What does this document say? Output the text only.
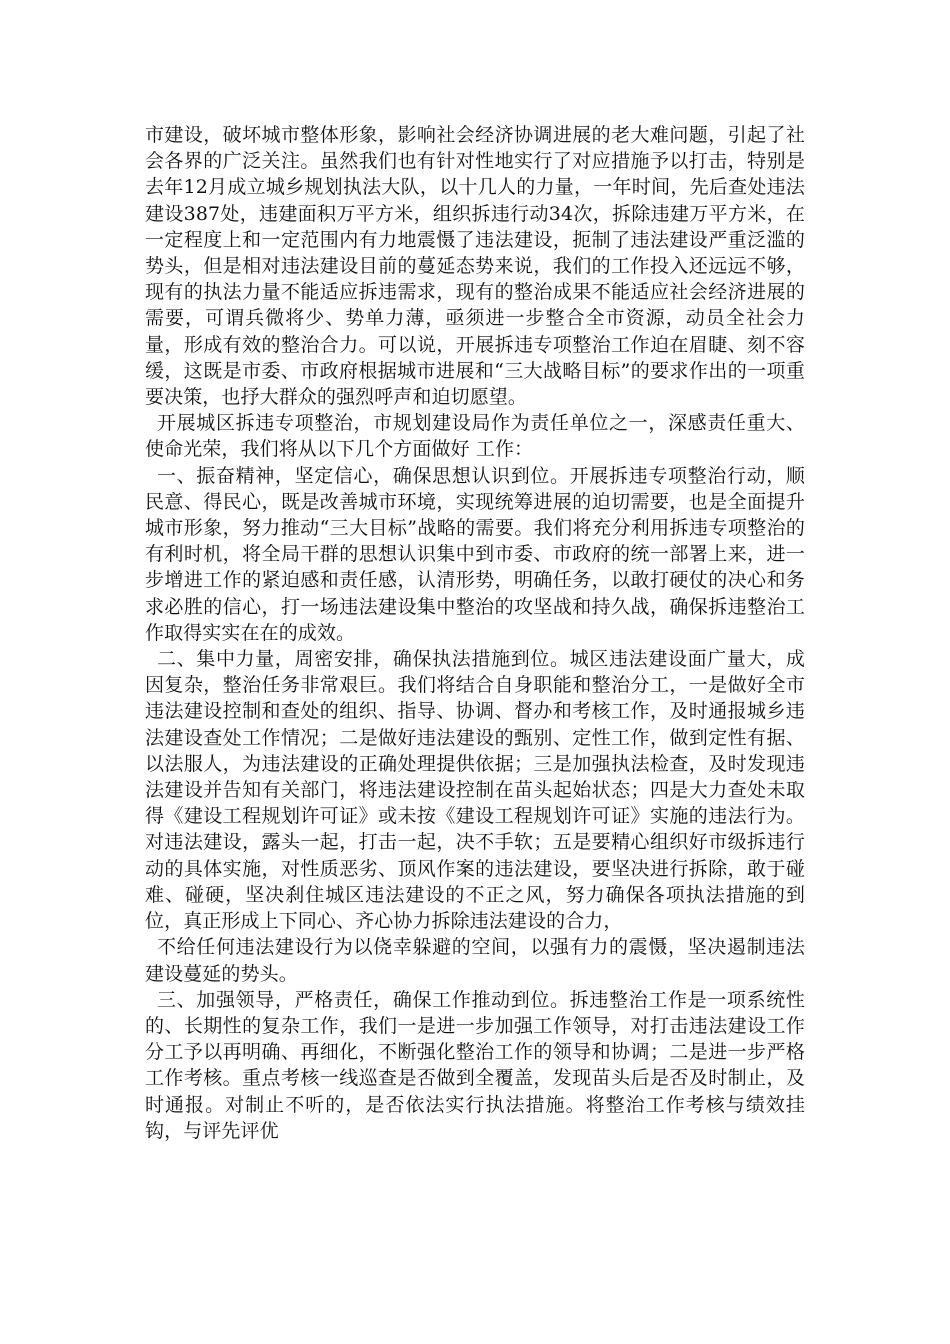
市建设，破坏城市整体形象，影响社会经济协调进展的老大难问题，引起了社会各界的广泛关注。虽然我们也有针对性地实行了对应措施予以打击，特别是去年12月成立城乡规划执法大队，以十几人的力量，一年时间，先后查处违法建设387处，违建面积万平方米，组织拆违行动34次，拆除违建万平方米，在一定程度上和一定范围内有力地震慑了违法建设，扼制了违法建设严重泛滥的势头，但是相对违法建设目前的蔓延态势来说，我们的工作投入还远远不够，现有的执法力量不能适应拆违需求，现有的整治成果不能适应社会经济进展的需要，可谓兵微将少、势单力薄，亟须进一步整合全市资源，动员全社会力量，形成有效的整治合力。可以说，开展拆违专项整治工作迫在眉睫、刻不容缓，这既是市委、市政府根据城市进展和“三大战略目标”的要求作出的一项重要决策，也抒大群众的强烈呼声和迫切愿望。

开展城区拆违专项整治，市规划建设局作为责任单位之一，深感责任重大、使命光荣，我们将从以下几个方面做好 工作：

一、振奋精神，坚定信心，确保思想认识到位。开展拆违专项整治行动，顺民意、得民心，既是改善城市环境，实现统筹进展的迫切需要，也是全面提升城市形象，努力推动“三大目标”战略的需要。我们将充分利用拆违专项整治的有利时机，将全局干群的思想认识集中到市委、市政府的统一部署上来，进一步增进工作的紧迫感和责任感，认清形势，明确任务，以敢打硬仗的决心和务求必胜的信心，打一场违法建设集中整治的攻坚战和持久战，确保拆违整治工作取得实实在在的成效。

二、集中力量，周密安排，确保执法措施到位。城区违法建设面广量大，成因复杂，整治任务非常艰巨。我们将结合自身职能和整治分工，一是做好全市违法建设控制和查处的组织、指导、协调、督办和考核工作，及时通报城乡违法建设查处工作情况；二是做好违法建设的甄别、定性工作，做到定性有据、以法服人，为违法建设的正确处理提供依据；三是加强执法检查，及时发现违法建设并告知有关部门，将违法建设控制在苗头起始状态；四是大力查处未取得《建设工程规划许可证》或未按《建设工程规划许可证》实施的违法行为。对违法建设，露头一起，打击一起，决不手软；五是要精心组织好市级拆违行动的具体实施，对性质恶劣、顶风作案的违法建设，要坚决进行拆除，敢于碰难、碰硬，坚决刹住城区违法建设的不正之风，努力确保各项执法措施的到位，真正形成上下同心、齐心协力拆除违法建设的合力，

不给任何违法建设行为以侥幸躲避的空间，以强有力的震慑，坚决遏制违法建设蔓延的势头。

三、加强领导，严格责任，确保工作推动到位。拆违整治工作是一项系统性的、长期性的复杂工作，我们一是进一步加强工作领导，对打击违法建设工作分工予以再明确、再细化，不断强化整治工作的领导和协调；二是进一步严格工作考核。重点考核一线巡查是否做到全覆盖，发现苗头后是否及时制止，及时通报。对制止不听的，是否依法实行执法措施。将整治工作考核与绩效挂钩，与评先评优
